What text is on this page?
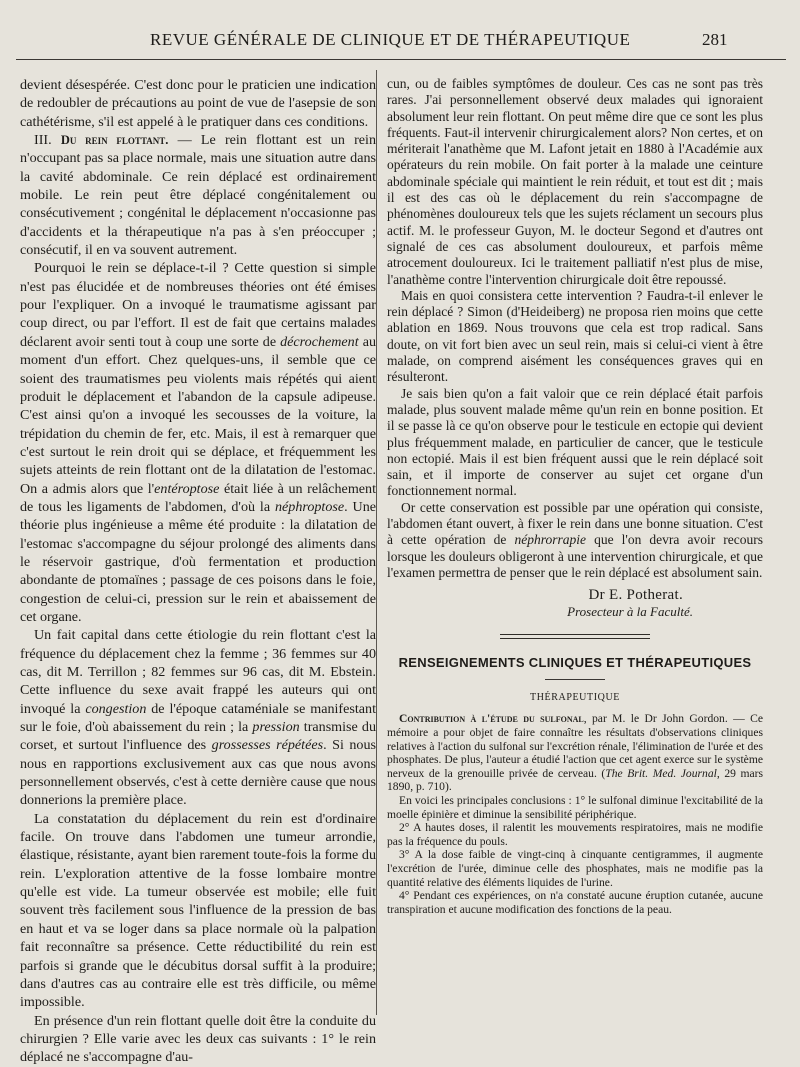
REVUE GÉNÉRALE DE CLINIQUE ET DE THÉRAPEUTIQUE	281

devient désespérée. C'est donc pour le praticien une indication de redoubler de précautions au point de vue de l'asepsie de son cathétérisme, s'il est appelé à le pratiquer dans ces conditions.

III. Du rein flottant. — Le rein flottant est un rein n'occupant pas sa place normale, mais une situation autre dans la cavité abdominale. Ce rein déplacé est ordinairement mobile. Le rein peut être déplacé congénitalement ou consécutivement ; congénital le déplacement n'occasionne pas d'accidents et la thérapeutique n'a pas à s'en préoccuper ; consécutif, il en va souvent autrement.

Pourquoi le rein se déplace-t-il ? Cette question si simple n'est pas élucidée et de nombreuses théories ont été émises pour l'expliquer. On a invoqué le traumatisme agissant par coup direct, ou par l'effort. Il est de fait que certains malades déclarent avoir senti tout à coup une sorte de décrochement au moment d'un effort. Chez quelques-uns, il semble que ce soient des traumatismes peu violents mais répétés qui aient produit le déplacement et l'abandon de la capsule adipeuse. C'est ainsi qu'on a invoqué les secousses de la voiture, la trépidation du chemin de fer, etc. Mais, il est à remarquer que c'est surtout le rein droit qui se déplace, et fréquemment les sujets atteints de rein flottant ont de la dilatation de l'estomac. On a admis alors que l'entéroptose était liée à un relâchement de tous les ligaments de l'abdomen, d'où la néphroptose. Une théorie plus ingénieuse a même été produite : la dilatation de l'estomac s'accompagne du séjour prolongé des aliments dans le réservoir gastrique, d'où fermentation et production abondante de ptomaïnes ; passage de ces poisons dans le foie, congestion de celui-ci, pression sur le rein et abaissement de cet organe.

Un fait capital dans cette étiologie du rein flottant c'est la fréquence du déplacement chez la femme ; 36 femmes sur 40 cas, dit M. Terrillon ; 82 femmes sur 96 cas, dit M. Ebstein. Cette influence du sexe avait frappé les auteurs qui ont invoqué la congestion de l'époque cataméniale se manifestant sur le foie, d'où abaissement du rein ; la pression transmise du corset, et surtout l'influence des grossesses répétées. Si nous nous en rapportions exclusivement aux cas que nous avons personnellement observés, c'est à cette dernière cause que nous donnerions la première place.

La constatation du déplacement du rein est d'ordinaire facile. On trouve dans l'abdomen une tumeur arrondie, élastique, résistante, ayant bien rarement toute-fois la forme du rein. L'exploration attentive de la fosse lombaire montre qu'elle est vide. La tumeur observée est mobile; elle fuit souvent très facilement sous l'influence de la pression de bas en haut et va se loger dans sa place normale où la palpation fait reconnaître sa présence. Cette réductibilité du rein est parfois si grande que le décubitus dorsal suffit à la produire; dans d'autres cas au contraire elle est très difficile, ou même impossible.

En présence d'un rein flottant quelle doit être la conduite du chirurgien ? Elle varie avec les deux cas suivants : 1° le rein déplacé ne s'accompagne d'au-

cun, ou de faibles symptômes de douleur. Ces cas ne sont pas très rares. J'ai personnellement observé deux malades qui ignoraient absolument leur rein flottant. On peut même dire que ce sont les plus fréquents. Faut-il intervenir chirurgicalement alors? Non certes, et on mériterait l'anathème que M. Lafont jetait en 1880 à l'Académie aux opérateurs du rein mobile. On fait porter à la malade une ceinture abdominale spéciale qui maintient le rein réduit, et tout est dit ; mais il est des cas où le déplacement du rein s'accompagne de phénomènes douloureux tels que les sujets réclament un secours plus actif. M. le professeur Guyon, M. le docteur Segond et d'autres ont signalé de ces cas absolument douloureux, et parfois même atrocement douloureux. Ici le traitement palliatif n'est plus de mise, l'anathème contre l'intervention chirurgicale doit être repoussé.

Mais en quoi consistera cette intervention ? Faudra-t-il enlever le rein déplacé ? Simon (d'Heideiberg) ne proposa rien moins que cette ablation en 1869. Nous trouvons que cela est trop radical. Sans doute, on vit fort bien avec un seul rein, mais si celui-ci vient à être malade, on comprend aisément les conséquences graves qui en résulteront.

Je sais bien qu'on a fait valoir que ce rein déplacé était parfois malade, plus souvent malade même qu'un rein en bonne position. Et il se passe là ce qu'on observe pour le testicule en ectopie qui devient plus fréquemment malade, en particulier de cancer, que le testicule non ectopié. Mais il est bien fréquent aussi que le rein déplacé soit sain, et il importe de conserver au sujet cet organe d'un fonctionnement normal.

Or cette conservation est possible par une opération qui consiste, l'abdomen étant ouvert, à fixer le rein dans une bonne situation. C'est à cette opération de néphrorrapie que l'on devra avoir recours lorsque les douleurs obligeront à une intervention chirurgicale, et que l'examen permettra de penser que le rein déplacé est absolument sain.

Dr E. Potherat.
Prosecteur à la Faculté.
RENSEIGNEMENTS CLINIQUES ET THÉRAPEUTIQUES
THÉRAPEUTIQUE

Contribution à l'étude du sulfonal, par M. le Dr John Gordon. — Ce mémoire a pour objet de faire connaître les résultats d'observations cliniques relatives à l'action du sulfonal sur l'excrétion rénale, l'élimination de l'urée et des phosphates. De plus, l'auteur a étudié l'action que cet agent exerce sur le système nerveux de la grenouille privée de cerveau. (The Brit. Med. Journal, 29 mars 1890, p. 710).

En voici les principales conclusions : 1° le sulfonal diminue l'excitabilité de la moelle épinière et diminue la sensibilité périphérique.

2° A hautes doses, il ralentit les mouvements respiratoires, mais ne modifie pas la fréquence du pouls.

3° A la dose faible de vingt-cinq à cinquante centigrammes, il augmente l'excrétion de l'urée, diminue celle des phosphates, mais ne modifie pas la quantité relative des éléments liquides de l'urine.

4° Pendant ces expériences, on n'a constaté aucune éruption cutanée, aucune transpiration et aucune modification des fonctions de la peau.
